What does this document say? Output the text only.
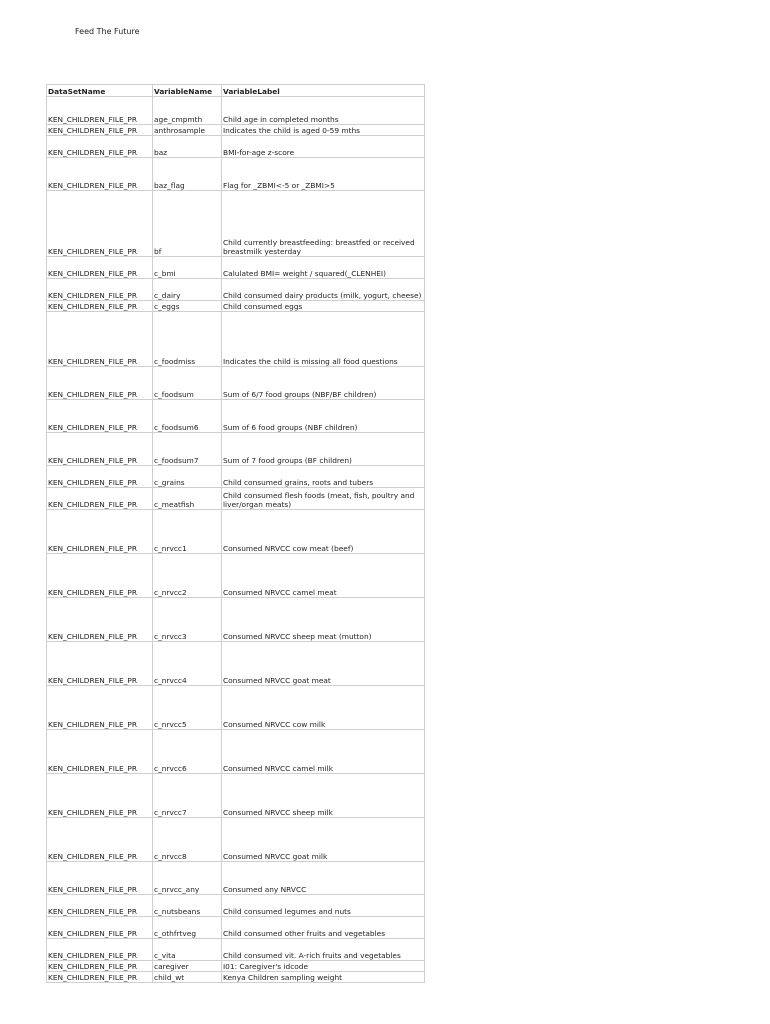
Feed The Future
DataSetName	VariableName	VariableLabel
KEN_CHILDREN_FILE_PR	age_cmpmth	Child age in completed months
KEN_CHILDREN_FILE_PR	anthrosample	Indicates the child is aged 0-59 mths
KEN_CHILDREN_FILE_PR	baz	BMI-for-age z-score
KEN_CHILDREN_FILE_PR	baz_flag	Flag for _ZBMI<-5 or _ZBMI>5
KEN_CHILDREN_FILE_PR	bf	Child currently breastfeeding: breastfed or received breastmilk yesterday
KEN_CHILDREN_FILE_PR	c_bmi	Calulated BMI= weight / squared(_CLENHEI)
KEN_CHILDREN_FILE_PR	c_dairy	Child consumed dairy products (milk, yogurt, cheese)
KEN_CHILDREN_FILE_PR	c_eggs	Child consumed eggs
KEN_CHILDREN_FILE_PR	c_foodmiss	Indicates the child is missing all food questions
KEN_CHILDREN_FILE_PR	c_foodsum	Sum of 6/7 food groups (NBF/BF children)
KEN_CHILDREN_FILE_PR	c_foodsum6	Sum of 6 food groups (NBF children)
KEN_CHILDREN_FILE_PR	c_foodsum7	Sum of 7 food groups (BF children)
KEN_CHILDREN_FILE_PR	c_grains	Child consumed grains, roots and tubers
KEN_CHILDREN_FILE_PR	c_meatfish	Child consumed flesh foods (meat, fish, poultry and liver/organ meats)
KEN_CHILDREN_FILE_PR	c_nrvcc1	Consumed NRVCC cow meat (beef)
KEN_CHILDREN_FILE_PR	c_nrvcc2	Consumed NRVCC camel meat
KEN_CHILDREN_FILE_PR	c_nrvcc3	Consumed NRVCC sheep meat (mutton)
KEN_CHILDREN_FILE_PR	c_nrvcc4	Consumed NRVCC goat meat
KEN_CHILDREN_FILE_PR	c_nrvcc5	Consumed NRVCC cow milk
KEN_CHILDREN_FILE_PR	c_nrvcc6	Consumed NRVCC camel milk
KEN_CHILDREN_FILE_PR	c_nrvcc7	Consumed NRVCC sheep milk
KEN_CHILDREN_FILE_PR	c_nrvcc8	Consumed NRVCC goat milk
KEN_CHILDREN_FILE_PR	c_nrvcc_any	Consumed any NRVCC
KEN_CHILDREN_FILE_PR	c_nutsbeans	Child consumed legumes and nuts
KEN_CHILDREN_FILE_PR	c_othfrtveg	Child consumed other fruits and vegetables
KEN_CHILDREN_FILE_PR	c_vita	Child consumed vit. A-rich fruits and vegetables
KEN_CHILDREN_FILE_PR	caregiver	I01: Caregiver's idcode
KEN_CHILDREN_FILE_PR	child_wt	Kenya Children sampling weight
